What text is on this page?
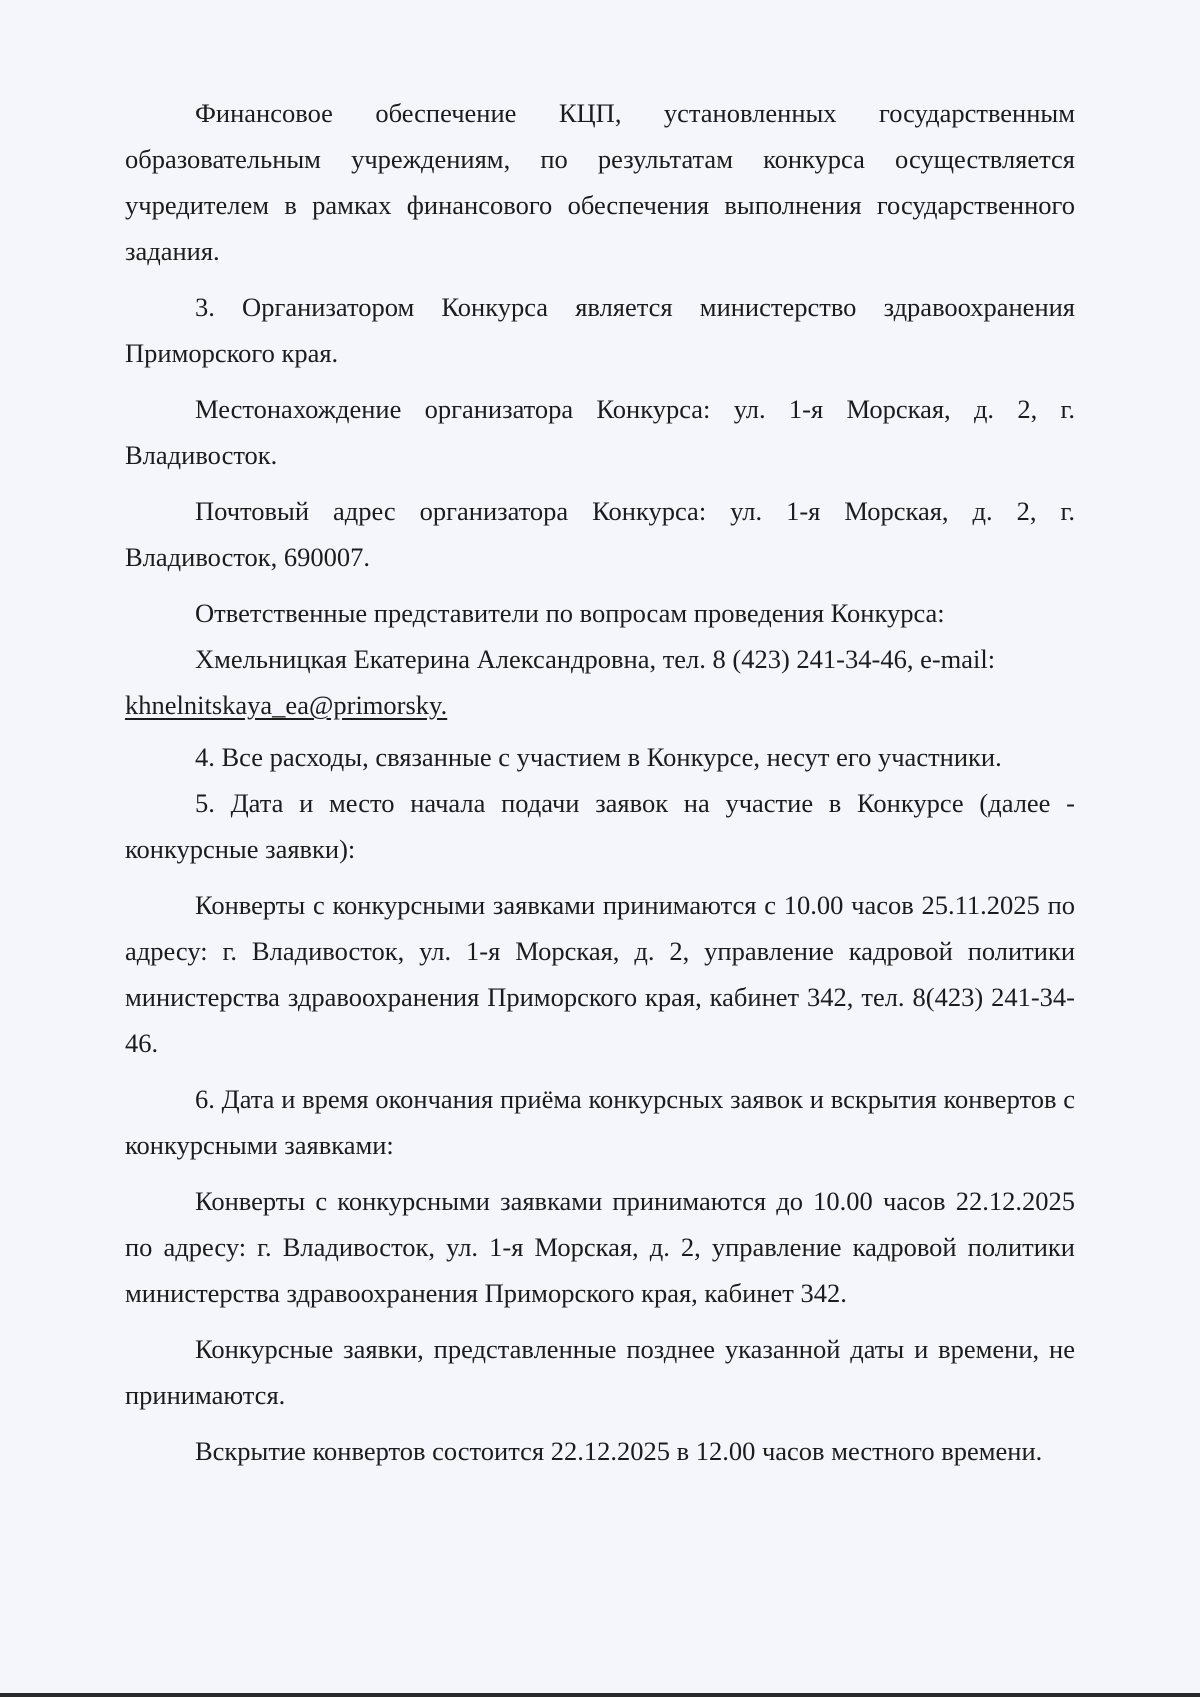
Финансовое обеспечение КЦП, установленных государственным образовательным учреждениям, по результатам конкурса осуществляется учредителем в рамках финансового обеспечения выполнения государственного задания.

3. Организатором Конкурса является министерство здравоохранения Приморского края.

Местонахождение организатора Конкурса: ул. 1-я Морская, д. 2, г. Владивосток.

Почтовый адрес организатора Конкурса: ул. 1-я Морская, д. 2, г. Владивосток, 690007.

Ответственные представители по вопросам проведения Конкурса:

Хмельницкая Екатерина Александровна, тел. 8 (423) 241-34-46, e-mail:

khnelnitskaya_ea@primorsky.

4. Все расходы, связанные с участием в Конкурсе, несут его участники.

5. Дата и место начала подачи заявок на участие в Конкурсе (далее - конкурсные заявки):

Конверты с конкурсными заявками принимаются с 10.00 часов 25.11.2025 по адресу: г. Владивосток, ул. 1-я Морская, д. 2, управление кадровой политики министерства здравоохранения Приморского края, кабинет 342, тел. 8(423) 241-34-46.

6. Дата и время окончания приёма конкурсных заявок и вскрытия конвертов с конкурсными заявками:

Конверты с конкурсными заявками принимаются до 10.00 часов 22.12.2025 по адресу: г. Владивосток, ул. 1-я Морская, д. 2, управление кадровой политики министерства здравоохранения Приморского края, кабинет 342.

Конкурсные заявки, представленные позднее указанной даты и времени, не принимаются.

Вскрытие конвертов состоится 22.12.2025 в 12.00 часов местного времени.
